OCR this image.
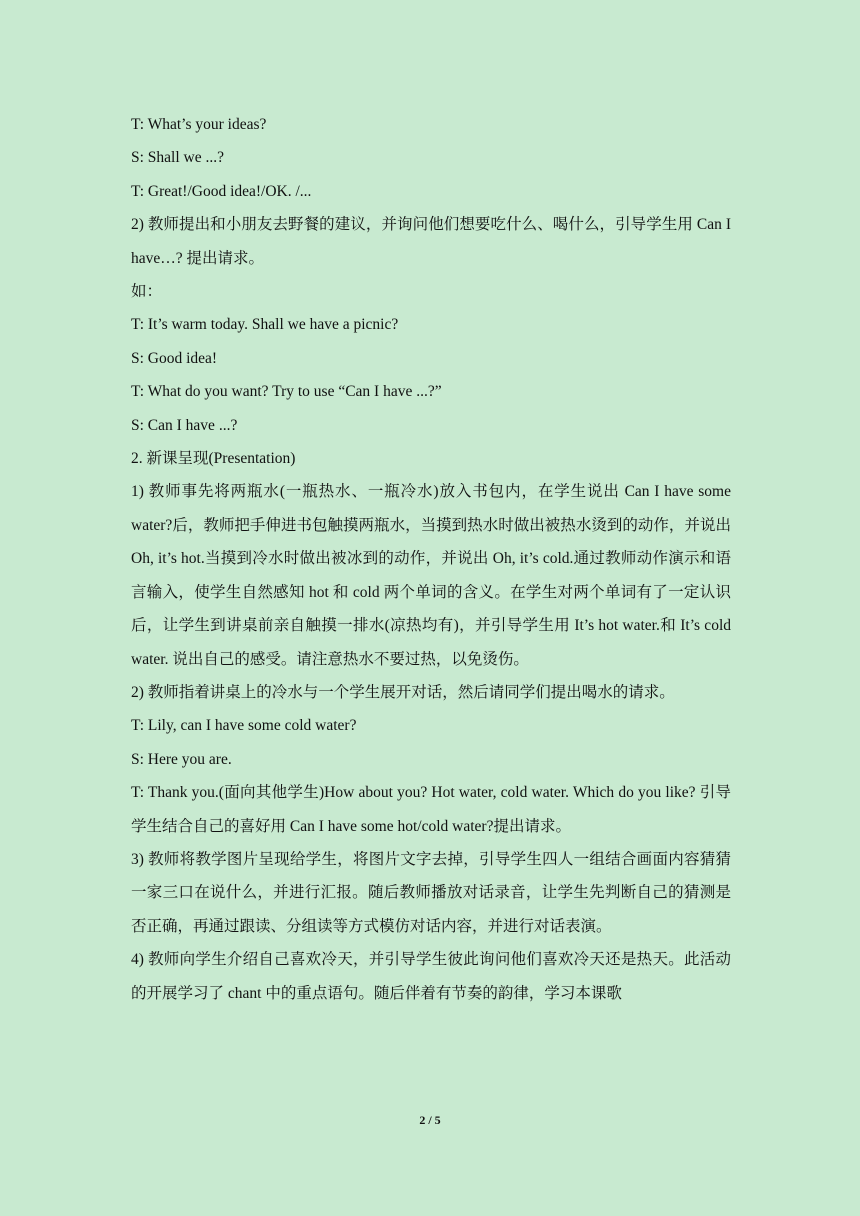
T: What’s your ideas?
S: Shall we ...?
T: Great!/Good idea!/OK. /...

2) 教师提出和小朋友去野餐的建议，并询问他们想要吃什么、喝什么，引导学生用 Can I have…? 提出请求。

如：
T: It’s warm today. Shall we have a picnic?
S: Good idea!
T: What do you want? Try to use “Can I have ...?”
S: Can I have ...?
2. 新课呈现(Presentation)

1) 教师事先将两瓶水(一瓶热水、一瓶冷水)放入书包内，在学生说出 Can I have some water?后，教师把手伸进书包触摸两瓶水，当摸到热水时做出被热水烫到的动作，并说出 Oh, it’s hot.当摸到冷水时做出被冰到的动作，并说出 Oh, it’s cold.通过教师动作演示和语言输入，使学生自然感知 hot 和 cold 两个单词的含义。在学生对两个单词有了一定认识后，让学生到讲桌前亲自触摸一排水(凉热均有)，并引导学生用 It’s hot water.和 It’s cold water. 说出自己的感受。请注意热水不要过热，以免烫伤。

2) 教师指着讲桌上的冷水与一个学生展开对话，然后请同学们提出喝水的请求。

T: Lily, can I have some cold water?
S: Here you are.

T: Thank you.(面向其他学生)How about you? Hot water, cold water. Which do you like? 引导学生结合自己的喜好用 Can I have some hot/cold water?提出请求。

3) 教师将教学图片呈现给学生，将图片文字去掉，引导学生四人一组结合画面内容猜猜一家三口在说什么，并进行汇报。随后教师播放对话录音，让学生先判断自己的猜测是否正确，再通过跟读、分组读等方式模仿对话内容，并进行对话表演。

4) 教师向学生介绍自己喜欢冷天，并引导学生彼此询问他们喜欢冷天还是热天。此活动的开展学习了 chant 中的重点语句。随后伴着有节奏的韵律，学习本课歌

2 / 5
